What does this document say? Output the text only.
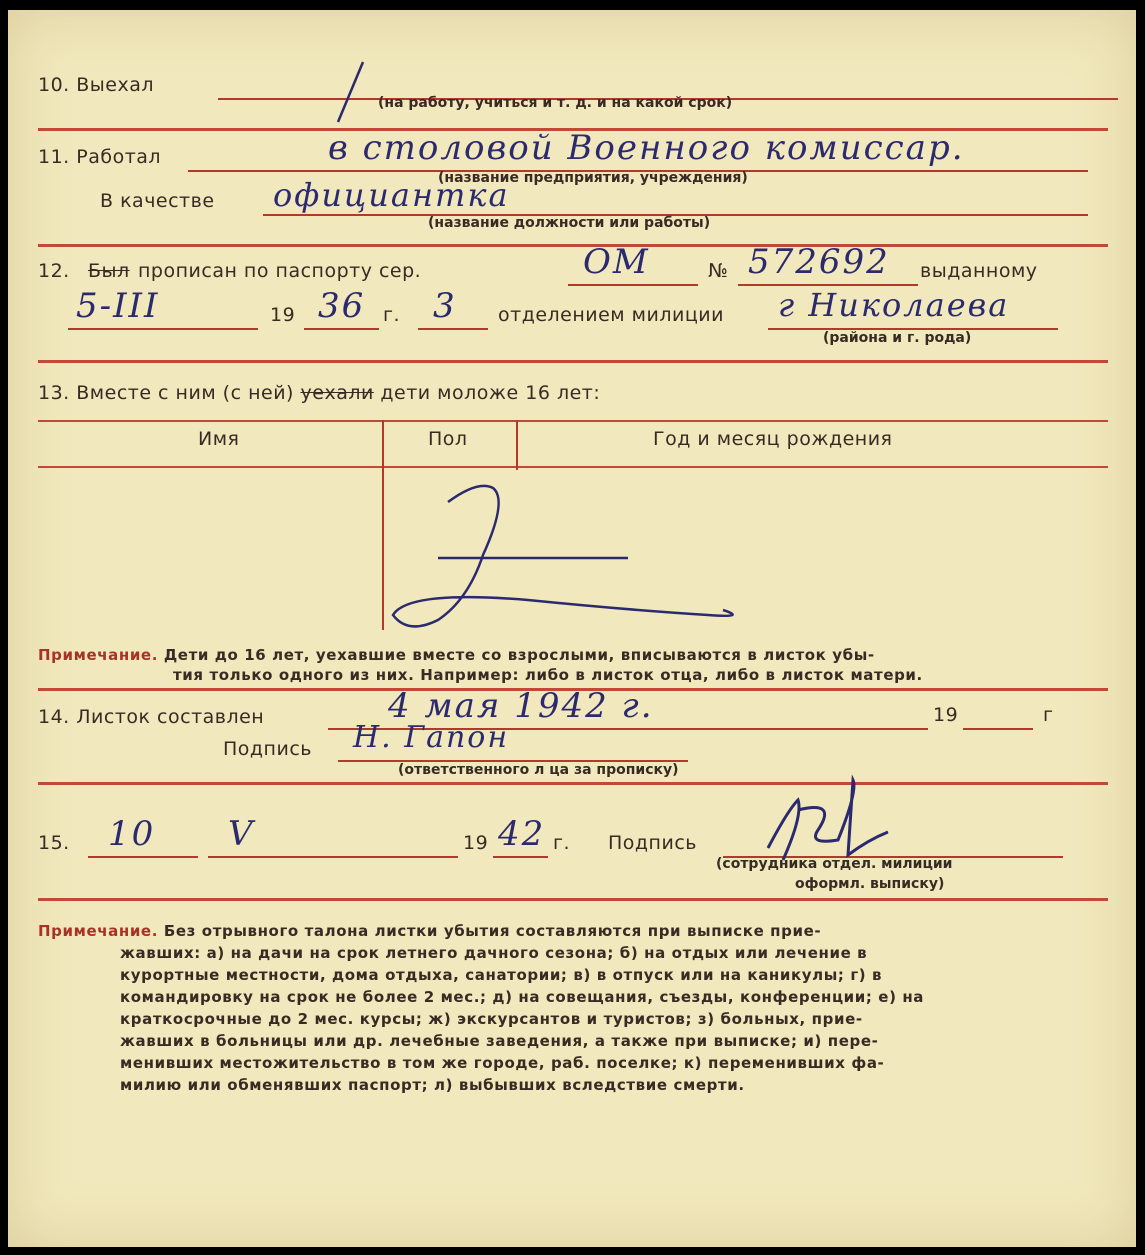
10. Выехал
(на работу, учиться и т. д. и на какой срок)
11. Работал	в столовой Военного комиссар.
(название предприятия, учреждения)
В качестве официантка
(название должности или работы)
12. Был прописан по паспорту сер.	ОМ	№ 572692 выданному
5-III	19 36 г. 3 отделением милиции г Николаева
(района и г. рода)
13. Вместе с ним (с ней) уехали дети моложе 16 лет:
Имя	Пол	Год и месяц рождения
Примечание. Дети до 16 лет, уехавшие вместе со взрослыми, вписываются в листок убы-
тия только одного из них. Например: либо в листок отца, либо в листок матери.
14. Листок составлен	4 мая 1942 г.	19	г
Подпись Н. Гапон
(ответственного л ца за прописку)
15. 10 V	19 42 г. Подпись
(сотрудника отдел. милиции
оформл. выписку)
Примечание. Без отрывного талона листки убытия составляются при выписке прие-
жавших: а) на дачи на срок летнего дачного сезона; б) на отдых или лечение в
курортные местности, дома отдыха, санатории; в) в отпуск или на каникулы; г) в
командировку на срок не более 2 мес.; д) на совещания, съезды, конференции; е) на
краткосрочные до 2 мес. курсы; ж) экскурсантов и туристов; з) больных, прие-
жавших в больницы или др. лечебные заведения, а также при выписке; и) пере-
менивших местожительство в том же городе, раб. поселке; к) переменивших фа-
милию или обменявших паспорт; л) выбывших вследствие смерти.
